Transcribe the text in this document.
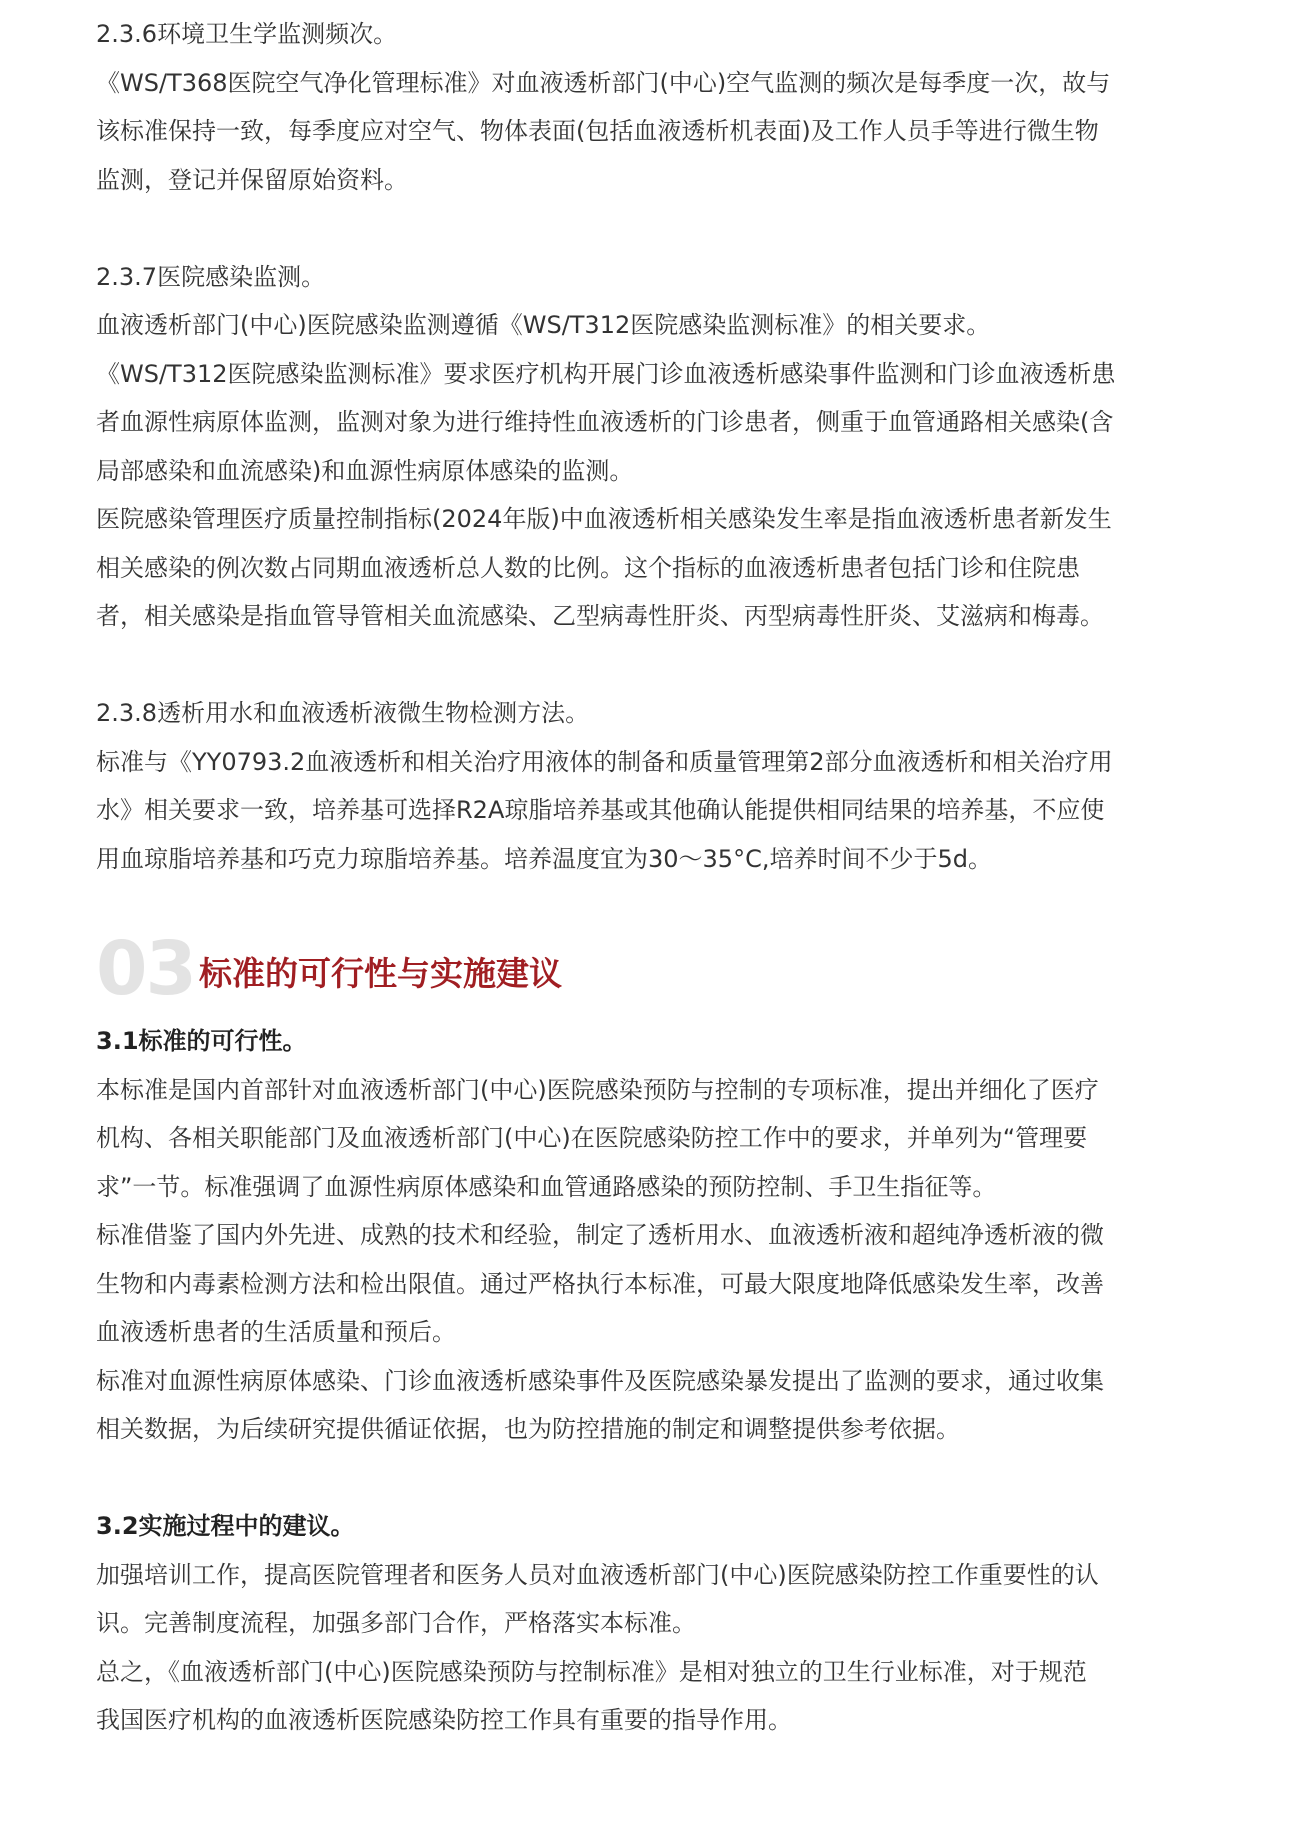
2.3.6环境卫生学监测频次。

《WS/T368医院空气净化管理标准》对血液透析部门(中心)空气监测的频次是每季度一次，故与

该标准保持一致，每季度应对空气、物体表面(包括血液透析机表面)及工作人员手等进行微生物

监测，登记并保留原始资料。

2.3.7医院感染监测。

血液透析部门(中心)医院感染监测遵循《WS/T312医院感染监测标准》的相关要求。

《WS/T312医院感染监测标准》要求医疗机构开展门诊血液透析感染事件监测和门诊血液透析患

者血源性病原体监测，监测对象为进行维持性血液透析的门诊患者，侧重于血管通路相关感染(含

局部感染和血流感染)和血源性病原体感染的监测。

医院感染管理医疗质量控制指标(2024年版)中血液透析相关感染发生率是指血液透析患者新发生

相关感染的例次数占同期血液透析总人数的比例。这个指标的血液透析患者包括门诊和住院患

者，相关感染是指血管导管相关血流感染、乙型病毒性肝炎、丙型病毒性肝炎、艾滋病和梅毒。

2.3.8透析用水和血液透析液微生物检测方法。

标准与《YY0793.2血液透析和相关治疗用液体的制备和质量管理第2部分血液透析和相关治疗用

水》相关要求一致，培养基可选择R2A琼脂培养基或其他确认能提供相同结果的培养基，不应使

用血琼脂培养基和巧克力琼脂培养基。培养温度宜为30～35°C,培养时间不少于5d。

03 标准的可行性与实施建议

3.1标准的可行性。

本标准是国内首部针对血液透析部门(中心)医院感染预防与控制的专项标准，提出并细化了医疗

机构、各相关职能部门及血液透析部门(中心)在医院感染防控工作中的要求，并单列为“管理要

求”一节。标准强调了血源性病原体感染和血管通路感染的预防控制、手卫生指征等。

标准借鉴了国内外先进、成熟的技术和经验，制定了透析用水、血液透析液和超纯净透析液的微

生物和内毒素检测方法和检出限值。通过严格执行本标准，可最大限度地降低感染发生率，改善

血液透析患者的生活质量和预后。

标准对血源性病原体感染、门诊血液透析感染事件及医院感染暴发提出了监测的要求，通过收集

相关数据，为后续研究提供循证依据，也为防控措施的制定和调整提供参考依据。

3.2实施过程中的建议。

加强培训工作，提高医院管理者和医务人员对血液透析部门(中心)医院感染防控工作重要性的认

识。完善制度流程，加强多部门合作，严格落实本标准。

总之，《血液透析部门(中心)医院感染预防与控制标准》是相对独立的卫生行业标准，对于规范

我国医疗机构的血液透析医院感染防控工作具有重要的指导作用。
